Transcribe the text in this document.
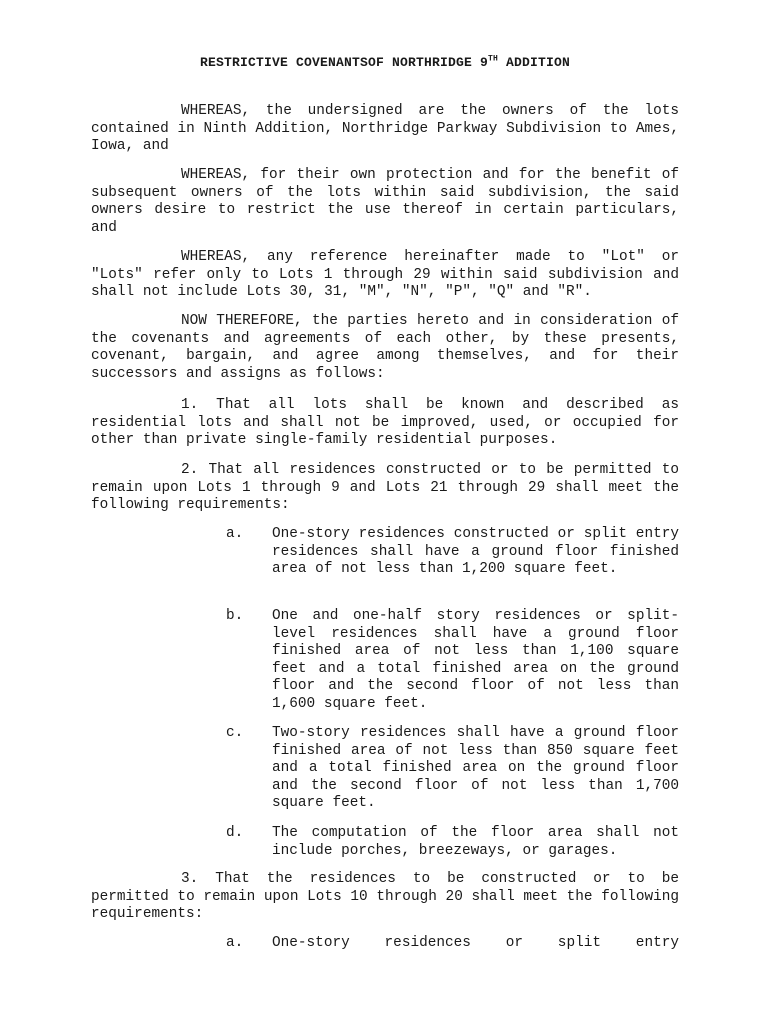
RESTRICTIVE COVENANTSOF NORTHRIDGE 9TH ADDITION

WHEREAS, the undersigned are the owners of the lots contained in Ninth Addition, Northridge Parkway Subdivision to Ames, Iowa, and

WHEREAS, for their own protection and for the benefit of subsequent owners of the lots within said subdivision, the said owners desire to restrict the use thereof in certain particulars, and

WHEREAS, any reference hereinafter made to "Lot" or "Lots" refer only to Lots 1 through 29 within said subdivision and shall not include Lots 30, 31, "M", "N", "P", "Q" and "R".

NOW THEREFORE, the parties hereto and in consideration of the covenants and agreements of each other, by these presents, covenant, bargain, and agree among themselves, and for their successors and assigns as follows:

1. That all lots shall be known and described as residential lots and shall not be improved, used, or occupied for other than private single-family residential purposes.

2. That all residences constructed or to be permitted to remain upon Lots 1 through 9 and Lots 21 through 29 shall meet the following requirements:

a. One-story residences constructed or split entry residences shall have a ground floor finished area of not less than 1,200 square feet.

b. One and one-half story residences or split-level residences shall have a ground floor finished area of not less than 1,100 square feet and a total finished area on the ground floor and the second floor of not less than 1,600 square feet.

c. Two-story residences shall have a ground floor finished area of not less than 850 square feet and a total finished area on the ground floor and the second floor of not less than 1,700 square feet.

d. The computation of the floor area shall not include porches, breezeways, or garages.

3. That the residences to be constructed or to be permitted to remain upon Lots 10 through 20 shall meet the following requirements:

a. One-story residences or split entry
